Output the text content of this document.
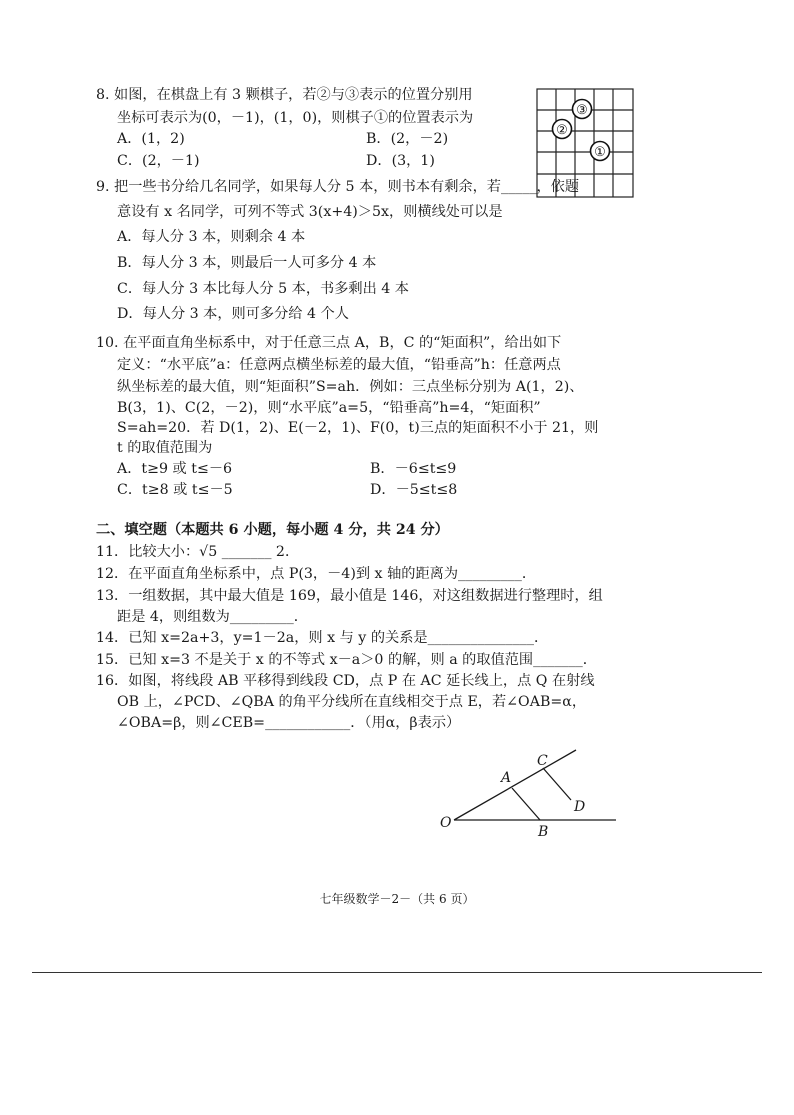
8. 如图，在棋盘上有 3 颗棋子，若②与③表示的位置分别用
坐标可表示为(0，－1)，(1，0)，则棋子①的位置表示为
A．(1，2)	B．(2，－2)
C．(2，－1)	D．(3，1)
③
②
①
9. 把一些书分给几名同学，如果每人分 5 本，则书本有剩余，若_____，依题
意设有 x 名同学，可列不等式 3(x+4)＞5x，则横线处可以是
A．每人分 3 本，则剩余 4 本
B．每人分 3 本，则最后一人可多分 4 本
C．每人分 3 本比每人分 5 本，书多剩出 4 本
D．每人分 3 本，则可多分给 4 个人
10. 在平面直角坐标系中，对于任意三点 A，B，C 的“矩面积”，给出如下
定义：“水平底”a：任意两点横坐标差的最大值，“铅垂高”h：任意两点
纵坐标差的最大值，则“矩面积”S=ah．例如：三点坐标分别为 A(1，2)、
B(3，1)、C(2，－2)，则“水平底”a=5，“铅垂高”h=4，“矩面积”
S=ah=20．若 D(1，2)、E(－2，1)、F(0，t)三点的矩面积不小于 21，则
t 的取值范围为
A．t≥9 或 t≤－6	B．－6≤t≤9
C．t≥8 或 t≤－5	D．－5≤t≤8
二、填空题（本题共 6 小题，每小题 4 分，共 24 分）
11．比较大小：√5 _______ 2．
12．在平面直角坐标系中，点 P(3，－4)到 x 轴的距离为_________．
13．一组数据，其中最大值是 169，最小值是 146，对这组数据进行整理时，组
距是 4，则组数为_________．
14．已知 x=2a+3，y=1－2a，则 x 与 y 的关系是_______________．
15．已知 x=3 不是关于 x 的不等式 x－a＞0 的解，则 a 的取值范围_______．
16．如图，将线段 AB 平移得到线段 CD，点 P 在 AC 延长线上，点 Q 在射线
OB 上，∠PCD、∠QBA 的角平分线所在直线相交于点 E，若∠OAB=α，
∠OBA=β，则∠CEB=____________．（用α，β表示）
O
A
B
C
D
七年级数学－2－（共 6 页）
